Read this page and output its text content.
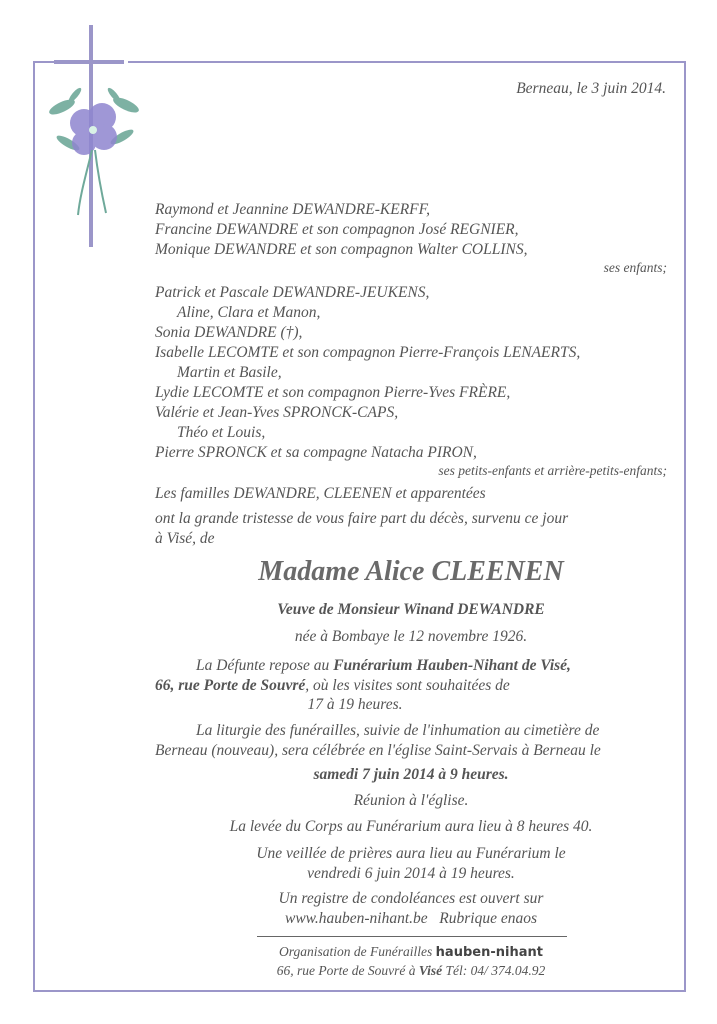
Berneau, le 3 juin 2014.
Raymond et Jeannine DEWANDRE-KERFF,
Francine DEWANDRE et son compagnon José REGNIER,
Monique DEWANDRE et son compagnon Walter COLLINS,
ses enfants;
Patrick et Pascale DEWANDRE-JEUKENS,
Aline, Clara et Manon,
Sonia DEWANDRE (†),
Isabelle LECOMTE et son compagnon Pierre-François LENAERTS,
Martin et Basile,
Lydie LECOMTE et son compagnon Pierre-Yves FRÈRE,
Valérie et Jean-Yves SPRONCK-CAPS,
Théo et Louis,
Pierre SPRONCK et sa compagne Natacha PIRON,
ses petits-enfants et arrière-petits-enfants;
Les familles DEWANDRE, CLEENEN et apparentées
ont la grande tristesse de vous faire part du décès, survenu ce jour
à Visé, de
Madame Alice CLEENEN
Veuve de Monsieur Winand DEWANDRE
née à Bombaye le 12 novembre 1926.
La Défunte repose au Funérarium Hauben-Nihant de Visé,
66, rue Porte de Souvré, où les visites sont souhaitées de
17 à 19 heures.
La liturgie des funérailles, suivie de l'inhumation au cimetière de
Berneau (nouveau), sera célébrée en l'église Saint-Servais à Berneau le
samedi 7 juin 2014 à 9 heures.
Réunion à l'église.
La levée du Corps au Funérarium aura lieu à 8 heures 40.
Une veillée de prières aura lieu au Funérarium le
vendredi 6 juin 2014 à 19 heures.
Un registre de condoléances est ouvert sur
www.hauben-nihant.be Rubrique enaos
Organisation de Funérailles hauben-nihant
66, rue Porte de Souvré à Visé Tél: 04/ 374.04.92
